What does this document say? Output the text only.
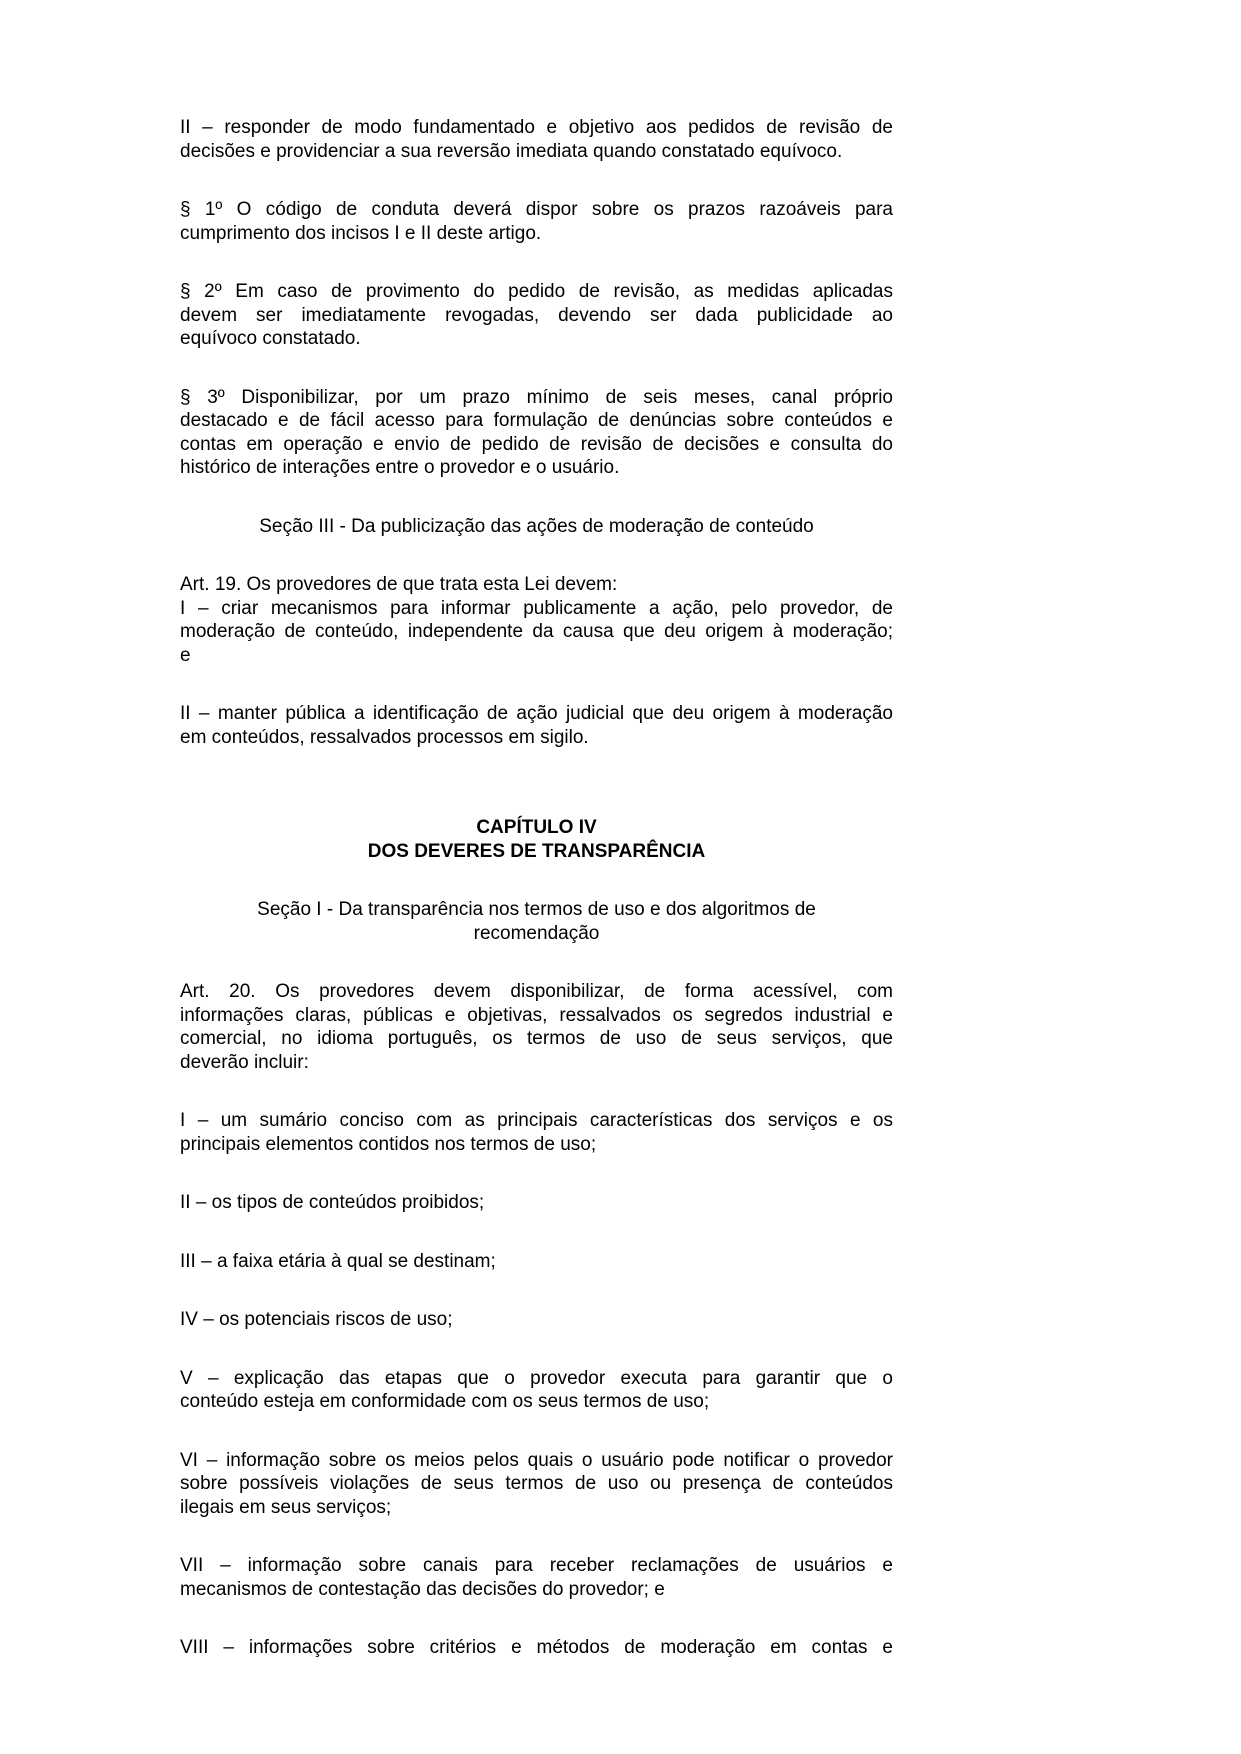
II – responder de modo fundamentado e objetivo aos pedidos de revisão de
decisões e providenciar a sua reversão imediata quando constatado equívoco.

§ 1º O código de conduta deverá dispor sobre os prazos razoáveis para
cumprimento dos incisos I e II deste artigo.

§ 2º Em caso de provimento do pedido de revisão, as medidas aplicadas
devem ser imediatamente revogadas, devendo ser dada publicidade ao
equívoco constatado.

§ 3º Disponibilizar, por um prazo mínimo de seis meses, canal próprio
destacado e de fácil acesso para formulação de denúncias sobre conteúdos e
contas em operação e envio de pedido de revisão de decisões e consulta do
histórico de interações entre o provedor e o usuário.

Seção III - Da publicização das ações de moderação de conteúdo

Art. 19. Os provedores de que trata esta Lei devem:
I – criar mecanismos para informar publicamente a ação, pelo provedor, de
moderação de conteúdo, independente da causa que deu origem à moderação;
e

II – manter pública a identificação de ação judicial que deu origem à moderação
em conteúdos, ressalvados processos em sigilo.

CAPÍTULO IV

DOS DEVERES DE TRANSPARÊNCIA

Seção I - Da transparência nos termos de uso e dos algoritmos de
recomendação

Art. 20. Os provedores devem disponibilizar, de forma acessível, com
informações claras, públicas e objetivas, ressalvados os segredos industrial e
comercial, no idioma português, os termos de uso de seus serviços, que
deverão incluir:

I – um sumário conciso com as principais características dos serviços e os
principais elementos contidos nos termos de uso;

II – os tipos de conteúdos proibidos;

III – a faixa etária à qual se destinam;

IV – os potenciais riscos de uso;

V – explicação das etapas que o provedor executa para garantir que o
conteúdo esteja em conformidade com os seus termos de uso;

VI – informação sobre os meios pelos quais o usuário pode notificar o provedor
sobre possíveis violações de seus termos de uso ou presença de conteúdos
ilegais em seus serviços;

VII – informação sobre canais para receber reclamações de usuários e
mecanismos de contestação das decisões do provedor; e

VIII – informações sobre critérios e métodos de moderação em contas e
